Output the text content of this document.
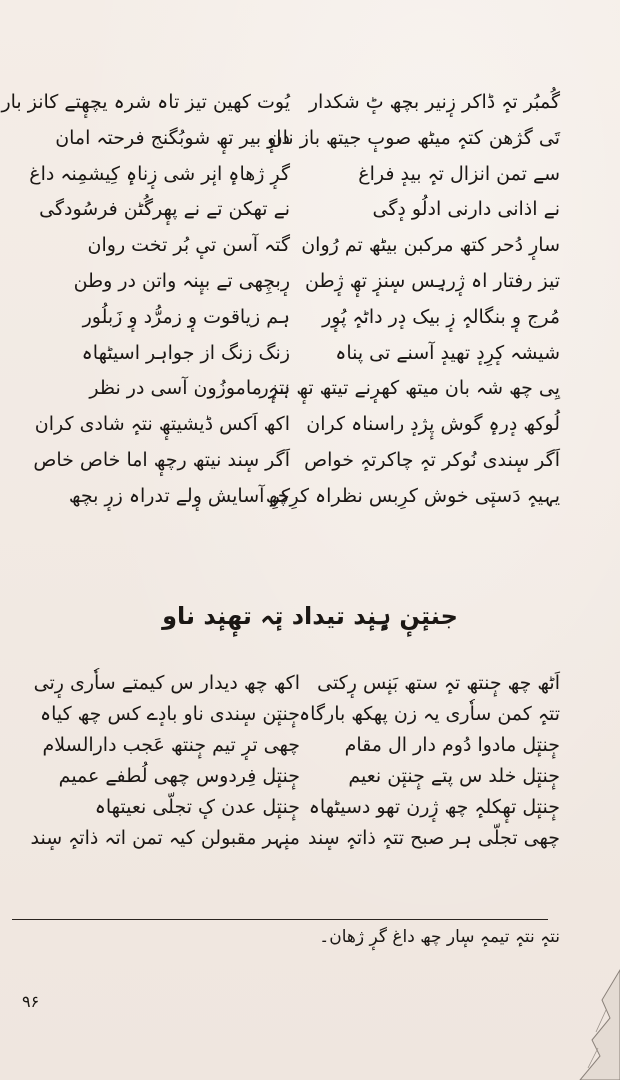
گُمبُر تہٕ ڈاکر زٕنیر بچھ ٹٕ شکدار
تَی گژھن کتہٕ میٹھ صوبٕ جیتھ باز نان
سے تمن انزال تہٕ بیدٕ فراغ
نے اذانی دارنی ادلُو دٕگی
سارٕ دُحر کتھ مرکبن بیٹھ تم رُوان
تیز رفتار اہ ژٕرہِس سٕنزٕ تھٕ ژٕطن
مُرج وٕ بنگالہٕ زٕ بیک دٕر داٹہٕ پُوٕر
شیشہ کٕرِدٕ تھیدٕ آسنے تی پناہ
یِی چھ شہ بان میتھ کھرٕنے تیتھ تھٕ ہزٕر
لُوکھ دٕرہٕ گوش پٕژدٕ راسناہ کران
اَگر سٕندی نُوکر تہٕ چاکرتہٕ خواص
یہیہٕ دَستٕی خوش کرِبس نظراہ کرِچھ
یُوت کھین تیز تاہ شرہ یچھٕتے کانز بار
داوٕ بیر تھٕ شوبُگنج فرحتہ امان
گرٕ ژھاہٕ انٕر شی زٕناہٕ کِیشمِنہ داغ
نے تھکن تے نے پھٕرگُٹن فرسُودگی
گتہ آسن تیٕ بُر تخت روان
رٕبچِھی تے بیٕنہ واتن در وطن
ہم زیاقوت وٕ زمرُّد وٕ زَبلُور
زنگ زنگ از جواہر اسیٹھاہ
نتہٕ ماموزُون آسی در نظر
اکھ اَکس ڈیشیتھٕ نتہٕ شادی کران
اَگر سٕند نیتھ رچھٕ اما خاص خاص
کرِ آسایش وٕلے تدراہ زرٕ بچھ
جنتٕنٕ ہٕنٕد تیداد تٕہ تھٕنٕد ناو
اَٹھ چھ جٕنتھ تہٕ ستھ بَنٕس رٕکتی
تتہٕ کمن ساٗری یہ زن پھکھ بارگاہ
جٕنتٕل مادوا دُوم دار ال مقام
جٕنتٕل خلد س پتے جٕنتٕن نعیم
جٕنتٕل تھٕکلہٕ چھ ژٕرن تھو دسیٹھاہ
چھی تجلّی ہر صبح تتہٕ ذاتہٕ سٕند
اکھ چھ دیدار س کیمتے ساٗری رٕتی
جٕنتٕن سٕندی ناو بادٕے کس چھ کیاہ
چھی ترٕ تیم جٕنتھ عَجب دارالسلام
جٕنتٕل فِردوس چھی لُطفے عمیم
جٕنتٕل عدن کٕ تجلّی نعیتھاہ
منٕہر مقبولن کیہ تمن اتہ ذاتہٕ سٕند
نتہٕ نتہٕ تیمہٕ سٕار چھ داغ گرٕ ژھان۔
۹۶
